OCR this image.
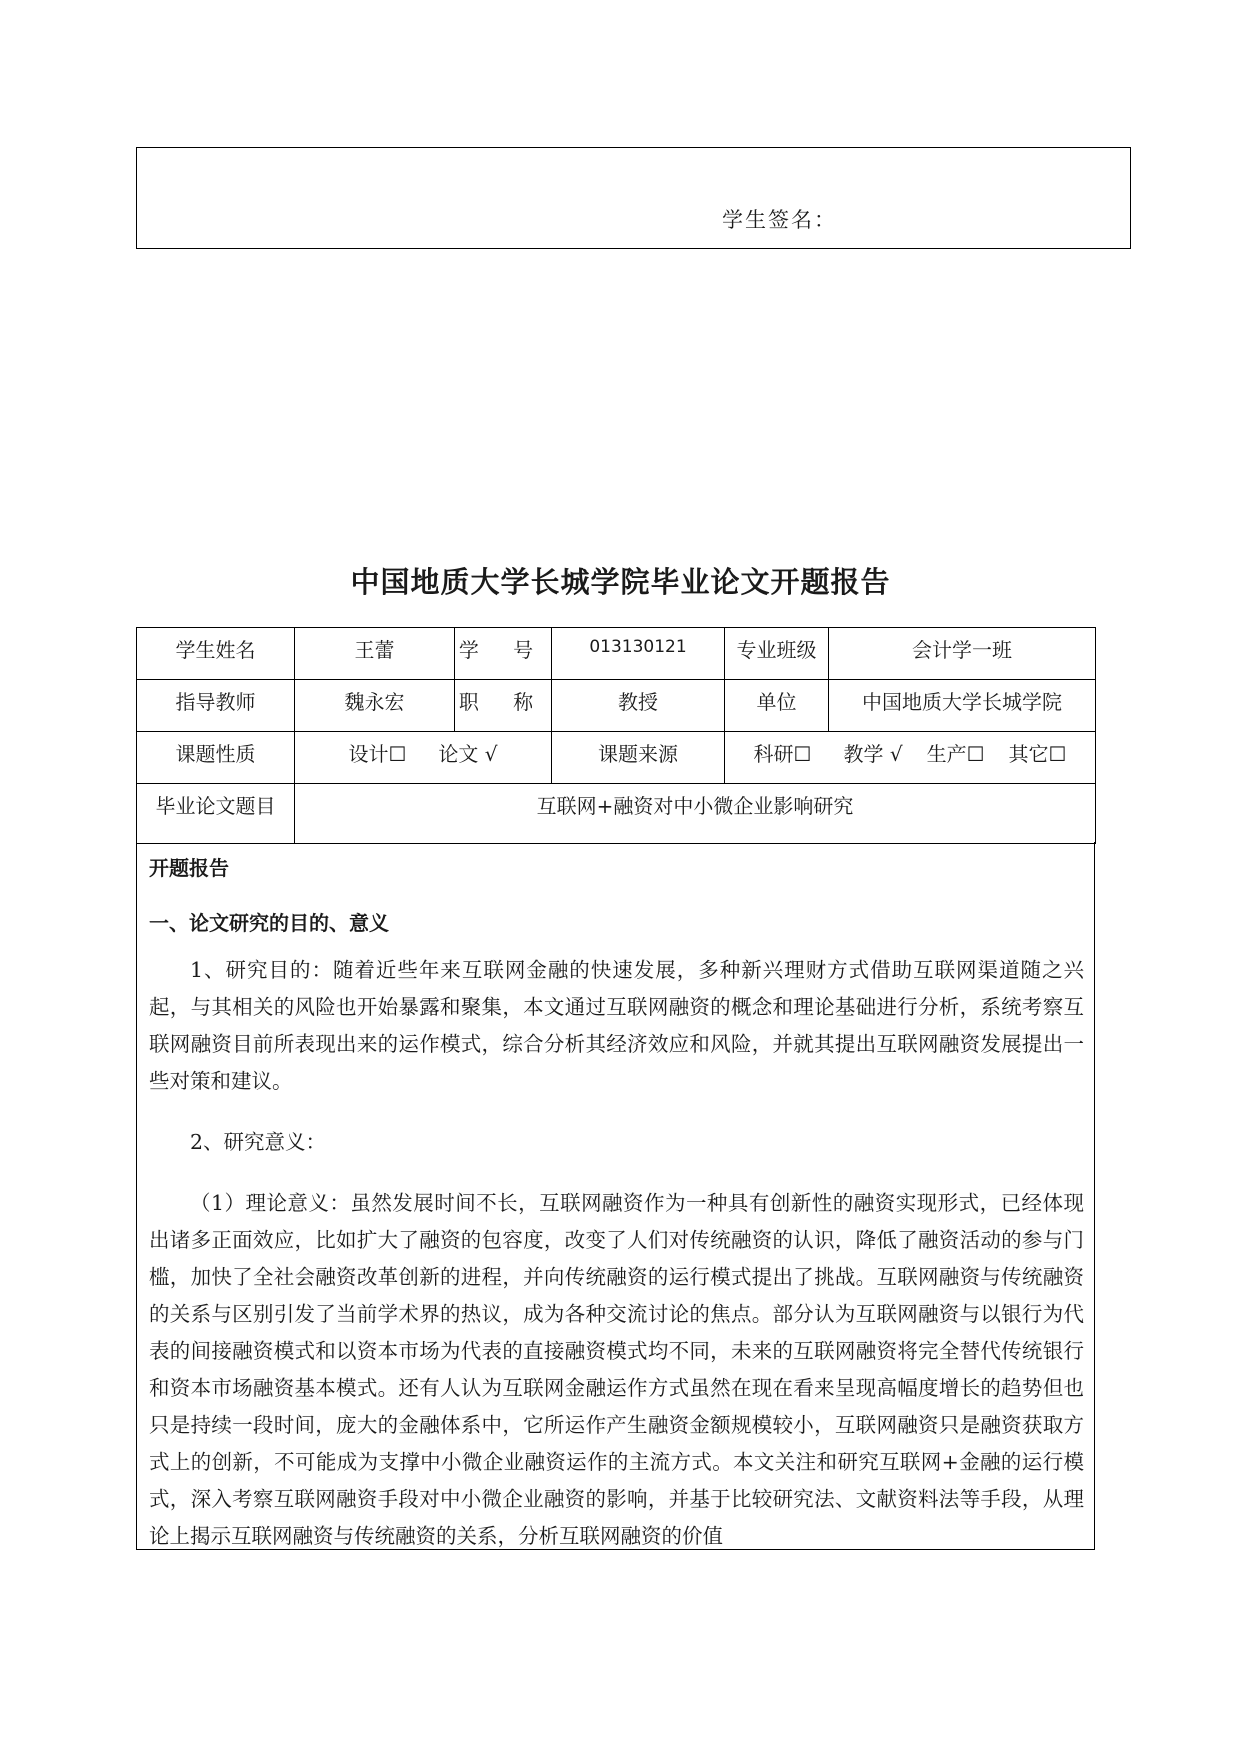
学生签名：
中国地质大学长城学院毕业论文开题报告
学生姓名	王蕾	学 号	013130121	专业班级	会计学一班
指导教师	魏永宏	职 称	教授	单位	中国地质大学长城学院
课题性质	设计☐ 论文 √		课题来源	科研☐ 教学 √ 生产☐ 其它☐	
毕业论文题目	互联网+融资对中小微企业影响研究				
开题报告
一、论文研究的目的、意义

1、研究目的：随着近些年来互联网金融的快速发展，多种新兴理财方式借助互联网渠道随之兴起，与其相关的风险也开始暴露和聚集，本文通过互联网融资的概念和理论基础进行分析，系统考察互联网融资目前所表现出来的运作模式，综合分析其经济效应和风险，并就其提出互联网融资发展提出一些对策和建议。

2、研究意义：

（1）理论意义：虽然发展时间不长，互联网融资作为一种具有创新性的融资实现形式，已经体现出诸多正面效应，比如扩大了融资的包容度，改变了人们对传统融资的认识，降低了融资活动的参与门槛，加快了全社会融资改革创新的进程，并向传统融资的运行模式提出了挑战。互联网融资与传统融资的关系与区别引发了当前学术界的热议，成为各种交流讨论的焦点。部分认为互联网融资与以银行为代表的间接融资模式和以资本市场为代表的直接融资模式均不同，未来的互联网融资将完全替代传统银行和资本市场融资基本模式。还有人认为互联网金融运作方式虽然在现在看来呈现高幅度增长的趋势但也只是持续一段时间，庞大的金融体系中，它所运作产生融资金额规模较小，互联网融资只是融资获取方式上的创新，不可能成为支撑中小微企业融资运作的主流方式。本文关注和研究互联网+金融的运行模式，深入考察互联网融资手段对中小微企业融资的影响，并基于比较研究法、文献资料法等手段，从理论上揭示互联网融资与传统融资的关系，分析互联网融资的价值
